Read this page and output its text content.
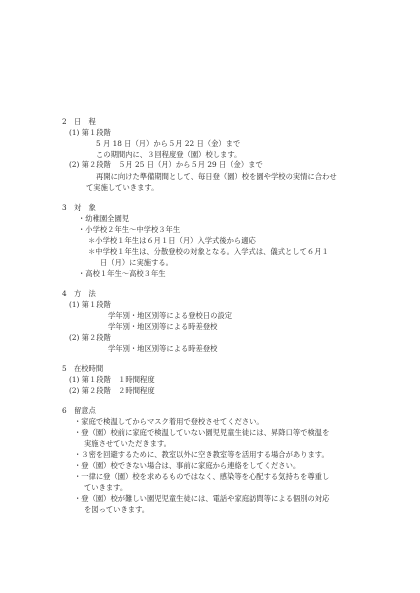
2　日　程
(1) 第１段階
5 月 18 日（月）から５月 22 日（金）まで
この期間内に、３回程度登（園）校します。
(2) 第２段階　５月 25 日（月）から５月 29 日（金）まで
再開に向けた準備期間として、毎日登（園）校を園や学校の実情に合わせ
て実施していきます。
3　対　象
・幼稚園全園児
・小学校２年生～中学校３年生
＊小学校１年生は６月１日（月）入学式後から適応
＊中学校１年生は、分散登校の対象となる。入学式は、儀式として６月１
日（月）に実施する。
・高校１年生～高校３年生
4　方　法
(1) 第１段階
学年別・地区別等による登校日の設定
学年別・地区別等による時差登校
(2) 第２段階
学年別・地区別等による時差登校
5　在校時間
(1) 第１段階　１時間程度
(2) 第２段階　２時間程度
6　留意点
・家庭で検温してからマスク着用で登校させてください。
・登（園）校前に家庭で検温していない園児児童生徒には、昇降口等で検温を
実施させていただきます。
・３密を回避するために、教室以外に空き教室等を活用する場合があります。
・登（園）校できない場合は、事前に家庭から連絡をしてください。
・一律に登（園）校を求めるものではなく、感染等を心配する気持ちを尊重し
ていきます。
・登（園）校が難しい園児児童生徒には、電話や家庭訪問等による個別の対応
を図っていきます。
